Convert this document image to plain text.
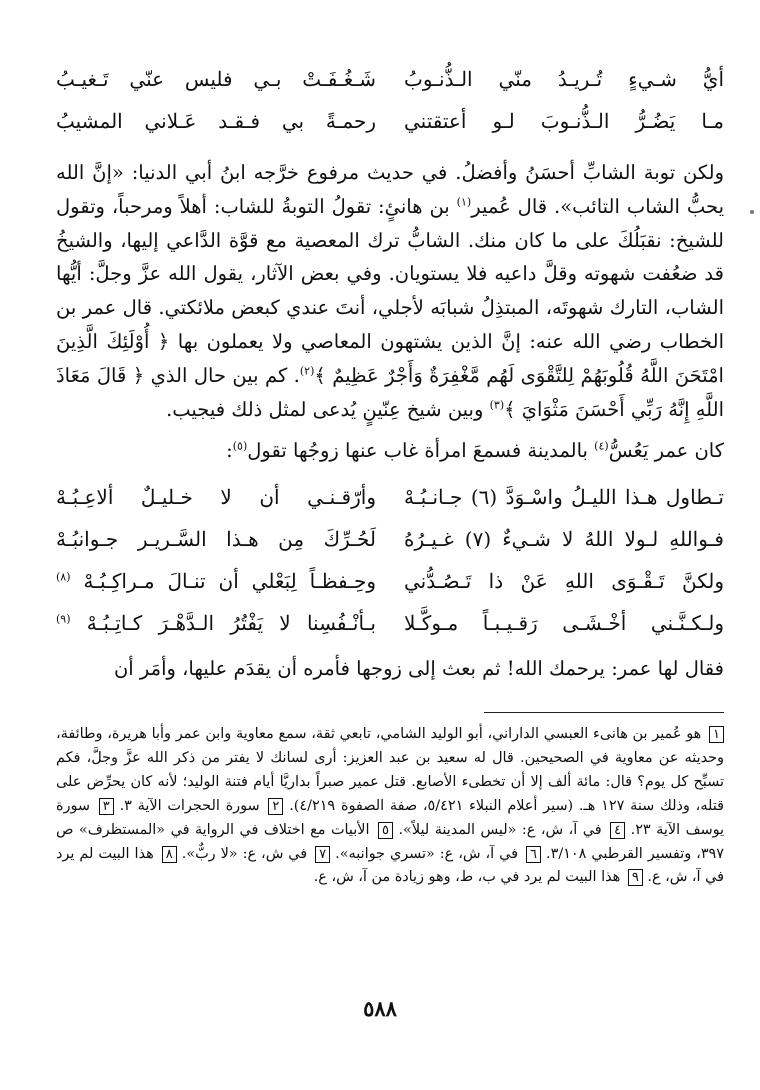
أيُّ شـيءٍ تُـريـدُ منّي الـذُّنـوبُ
شَـغُـفَـتْ بـي فليس عنّي تَـغيـبُ
مـا يَضُـرُّ الـذُّنـوبَ لـو أعتقتني
رحمـةً بي فـقـد عَـلاني المشيبُ

ولكن توبة الشابِّ أحسَنُ وأفضلُ. في حديث مرفوع خرَّجه ابنُ أبي الدنيا: «إنَّ الله يحبُّ الشاب التائب». قال عُمير$^{(١)}$ بن هانئٍ: تقولُ التوبةُ للشاب: أهلاً ومرحباً، وتقول للشيخ: نقبَلُكَ على ما كان منك. الشابُّ ترك المعصية مع قوَّة الدَّاعي إليها، والشيخُ قد ضعُفت شهوته وقلَّ داعيه فلا يستويان. وفي بعض الآثار، يقول الله عزَّ وجلَّ: أيُّها الشاب، التارك شهوتَه، المبتذِلُ شبابَه لأجلي، أنتَ عندي كبعض ملائكتي. قال عمر بن الخطاب رضي الله عنه: إنَّ الذين يشتهون المعاصي ولا يعملون بها ﴿ أُوْلَئِكَ الَّذِينَ امْتَحَنَ اللَّهُ قُلُوبَهُمْ لِلتَّقْوَى لَهُم مَّغْفِرَةٌ وَأَجْرٌ عَظِيمٌ ﴾$^{(٢)}$. كم بين حال الذي ﴿ قَالَ مَعَاذَ اللَّهِ إِنَّهُ رَبِّي أَحْسَنَ مَثْوَايَ ﴾$^{(٣)}$ وبين شيخ عِنّينٍ يُدعى لمثل ذلك فيجيب.

كان عمر يَعُسُّ$^{(٤)}$ بالمدينة فسمعَ امرأة غاب عنها زوجُها تقول$^{(٥)}$:

تـطاول هـذا الليـلُ واسْـوَدَّ (٦) جـانـبُـهْ
وأرّقـنـي أن لا خـليـلٌ ألاعِـبُـهْ
فـواللهِ لـولا اللهُ لا شـيءٌ (٧) غـيـرُهُ
لَحُـرِّكَ مِن هـذا السَّـريـر جـوانبُـهْ
ولكنَّ تَـقْـوَى اللهِ عَنْ ذا تَـصُـدُّني
وحِـفظـاً لِبَعْلي أن تنـالَ مـراكِـبُـهْ $^{(٨)}$
ولـكـنَّـني أخْـشَـى رَقـيـبـاً مـوكَّـلا
بـأنْـفُسِنا لا يَفْتُرُ الـدَّهْـرَ كـاتِـبُـهْ $^{(٩)}$

فقال لها عمر: يرحمك الله! ثم بعث إلى زوجها فأمره أن يقدَم عليها، وأمَر أن

١ هو عُمير بن هانىء العبسي الداراني، أبو الوليد الشامي، تابعي ثقة، سمع معاوية وابن عمر وأبا هريرة، وطائفة، وحديثه عن معاوية في الصحيحين. قال له سعيد بن عبد العزيز: أرى لسانك لا يفتر من ذكر الله عزَّ وجلَّ، فكم تسبِّح كل يوم؟ قال: مائة ألف إلا أن تخطىء الأصابع. قتل عمير صبراً بداريَّا أيام فتنة الوليد؛ لأنه كان يحرِّض على قتله، وذلك سنة ١٢٧ هـ. (سير أعلام النبلاء ٥/٤٢١، صفة الصفوة ٤/٢١٩). ٢ سورة الحجرات الآية ٣. ٣ سورة يوسف الآية ٢٣. ٤ في آ، ش، ع: «ليس المدينة ليلاً». ٥ الأبيات مع اختلاف في الرواية في «المستظرف» ص ٣٩٧، وتفسير القرطبي ٣/١٠٨. ٦ في آ، ش، ع: «تسري جوانبه». ٧ في ش، ع: «لا ربٌّ». ٨ هذا البيت لم يرد في آ، ش، ع. ٩ هذا البيت لم يرد في ب، ط، وهو زيادة من آ، ش، ع.
٥٨٨
